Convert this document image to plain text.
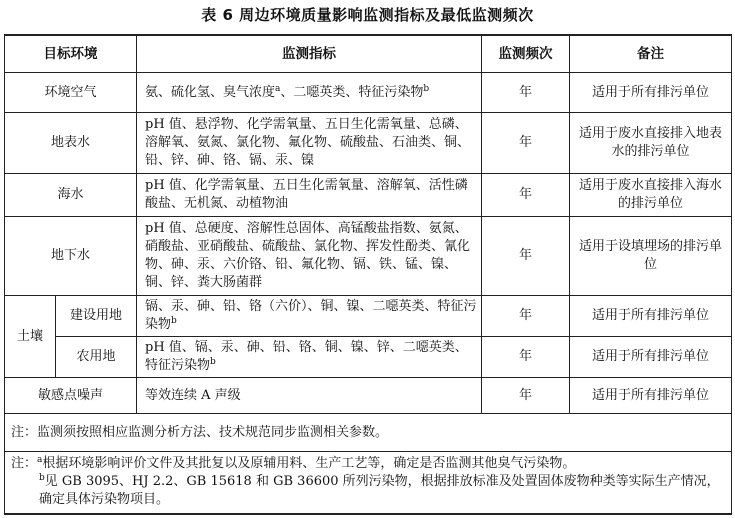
表 6 周边环境质量影响监测指标及最低监测频次
目标环境		监测指标	监测频次	备注
环境空气		氨、硫化氢、臭气浓度$^a$、二噁英类、特征污染物$^b$	年	适用于所有排污单位
地表水		pH 值、悬浮物、化学需氧量、五日生化需氧量、总磷、溶解氧、氨氮、氯化物、氟化物、硫酸盐、石油类、铜、铅、锌、砷、铬、镉、汞、镍	年	适用于废水直接排入地表水的排污单位
海水		pH 值、化学需氧量、五日生化需氧量、溶解氧、活性磷酸盐、无机氮、动植物油	年	适用于废水直接排入海水的排污单位
地下水		pH 值、总硬度、溶解性总固体、高锰酸盐指数、氨氮、硝酸盐、亚硝酸盐、硫酸盐、氯化物、挥发性酚类、氰化物、砷、汞、六价铬、铅、氟化物、镉、铁、锰、镍、铜、锌、粪大肠菌群	年	适用于设填埋场的排污单位
土壤	建设用地	镉、汞、砷、铅、铬（六价）、铜、镍、二噁英类、特征污染物$^b$	年	适用于所有排污单位
	农用地	pH 值、镉、汞、砷、铅、铬、铜、镍、锌、二噁英类、特征污染物$^b$	年	适用于所有排污单位
敏感点噪声		等效连续 A 声级	年	适用于所有排污单位
注：监测须按照相应监测分析方法、技术规范同步监测相关参数。				

注：$^a$根据环境影响评价文件及其批复以及原辅用料、生产工艺等，确定是否监测其他臭气污染物。
$^b$见 GB 3095、HJ 2.2、GB 15618 和 GB 36600 所列污染物，根据排放标准及处置固体废物种类等实际生产情况，确定具体污染物项目。				
